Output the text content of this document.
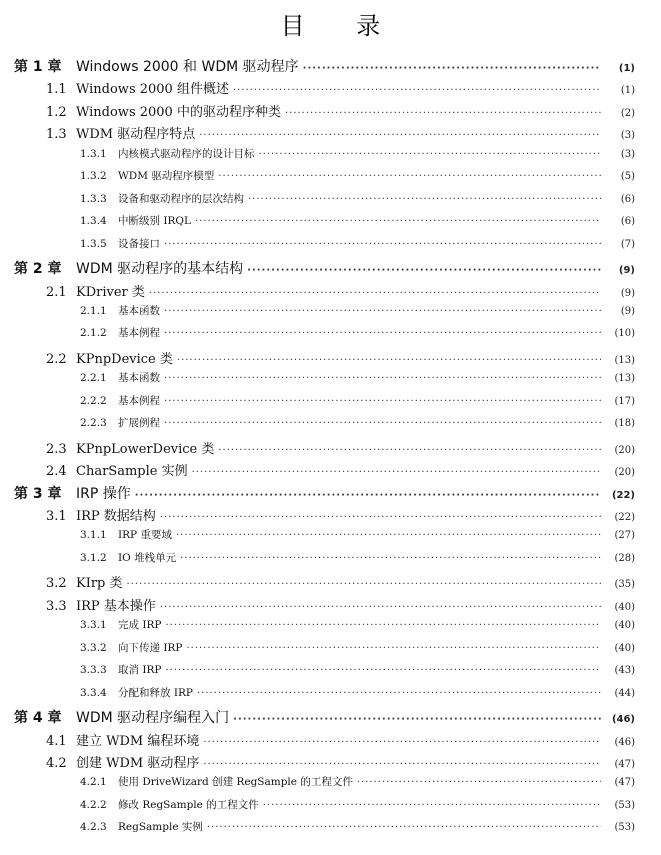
目 录
第 1 章	Windows 2000 和 WDM 驱动程序 ·····	(1)
1.1 Windows 2000 组件概述 ·····	(1)
1.2 Windows 2000 中的驱动程序种类 ·····	(2)
1.3 WDM 驱动程序特点 ·····	(3)
1.3.1	内核模式驱动程序的设计目标 ·····	(3)
1.3.2	WDM 驱动程序模型 ·····	(5)
1.3.3	设备和驱动程序的层次结构 ·····	(6)
1.3.4	中断级别 IRQL ·····	(6)
1.3.5	设备接口 ·····	(7)
第 2 章	WDM 驱动程序的基本结构 ·····	(9)
2.1 KDriver 类 ·····	(9)
2.1.1	基本函数 ·····	(9)
2.1.2	基本例程 ·····	(10)
2.2 KPnpDevice 类 ·····	(13)
2.2.1	基本函数 ·····	(13)
2.2.2	基本例程 ·····	(17)
2.2.3	扩展例程 ·····	(18)
2.3 KPnpLowerDevice 类 ·····	(20)
2.4 CharSample 实例 ·····	(20)
第 3 章	IRP 操作 ·····	(22)
3.1 IRP 数据结构 ·····	(22)
3.1.1	IRP 重要域 ·····	(27)
3.1.2	IO 堆栈单元 ·····	(28)
3.2 KIrp 类 ·····	(35)
3.3 IRP 基本操作 ·····	(40)
3.3.1	完成 IRP ·····	(40)
3.3.2	向下传递 IRP ·····	(40)
3.3.3	取消 IRP ·····	(43)
3.3.4	分配和释放 IRP ·····	(44)
第 4 章	WDM 驱动程序编程入门 ·····	(46)
4.1 建立 WDM 编程环境 ·····	(46)
4.2 创建 WDM 驱动程序 ·····	(47)
4.2.1	使用 DriveWizard 创建 RegSample 的工程文件 ·····	(47)
4.2.2	修改 RegSample 的工程文件 ·····	(53)
4.2.3	RegSample 实例 ·····	(53)
